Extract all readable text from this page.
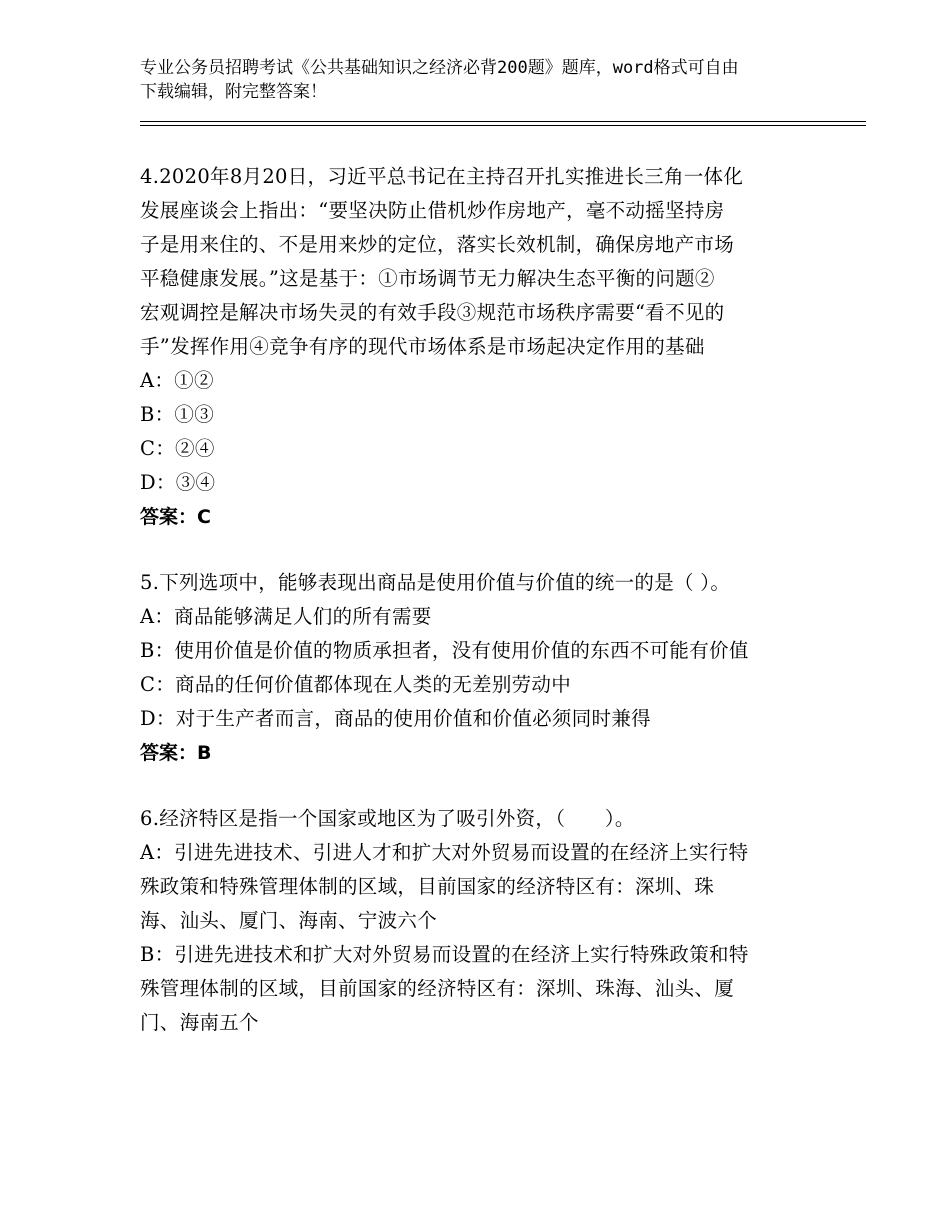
专业公务员招聘考试《公共基础知识之经济必背200题》题库，word格式可自由
下载编辑，附完整答案！
4.2020年8月20日，习近平总书记在主持召开扎实推进长三角一体化
发展座谈会上指出：“要坚决防止借机炒作房地产，毫不动摇坚持房
子是用来住的、不是用来炒的定位，落实长效机制，确保房地产市场
平稳健康发展。”这是基于：①市场调节无力解决生态平衡的问题②
宏观调控是解决市场失灵的有效手段③规范市场秩序需要“看不见的
手”发挥作用④竞争有序的现代市场体系是市场起决定作用的基础
A：①②
B：①③
C：②④
D：③④
答案：C
5.下列选项中，能够表现出商品是使用价值与价值的统一的是（ ）。
A：商品能够满足人们的所有需要
B：使用价值是价值的物质承担者，没有使用价值的东西不可能有价值
C：商品的任何价值都体现在人类的无差别劳动中
D：对于生产者而言，商品的使用价值和价值必须同时兼得
答案：B
6.经济特区是指一个国家或地区为了吸引外资，（　　）。
A：引进先进技术、引进人才和扩大对外贸易而设置的在经济上实行特
殊政策和特殊管理体制的区域，目前国家的经济特区有：深圳、珠
海、汕头、厦门、海南、宁波六个
B：引进先进技术和扩大对外贸易而设置的在经济上实行特殊政策和特
殊管理体制的区域，目前国家的经济特区有：深圳、珠海、汕头、厦
门、海南五个
